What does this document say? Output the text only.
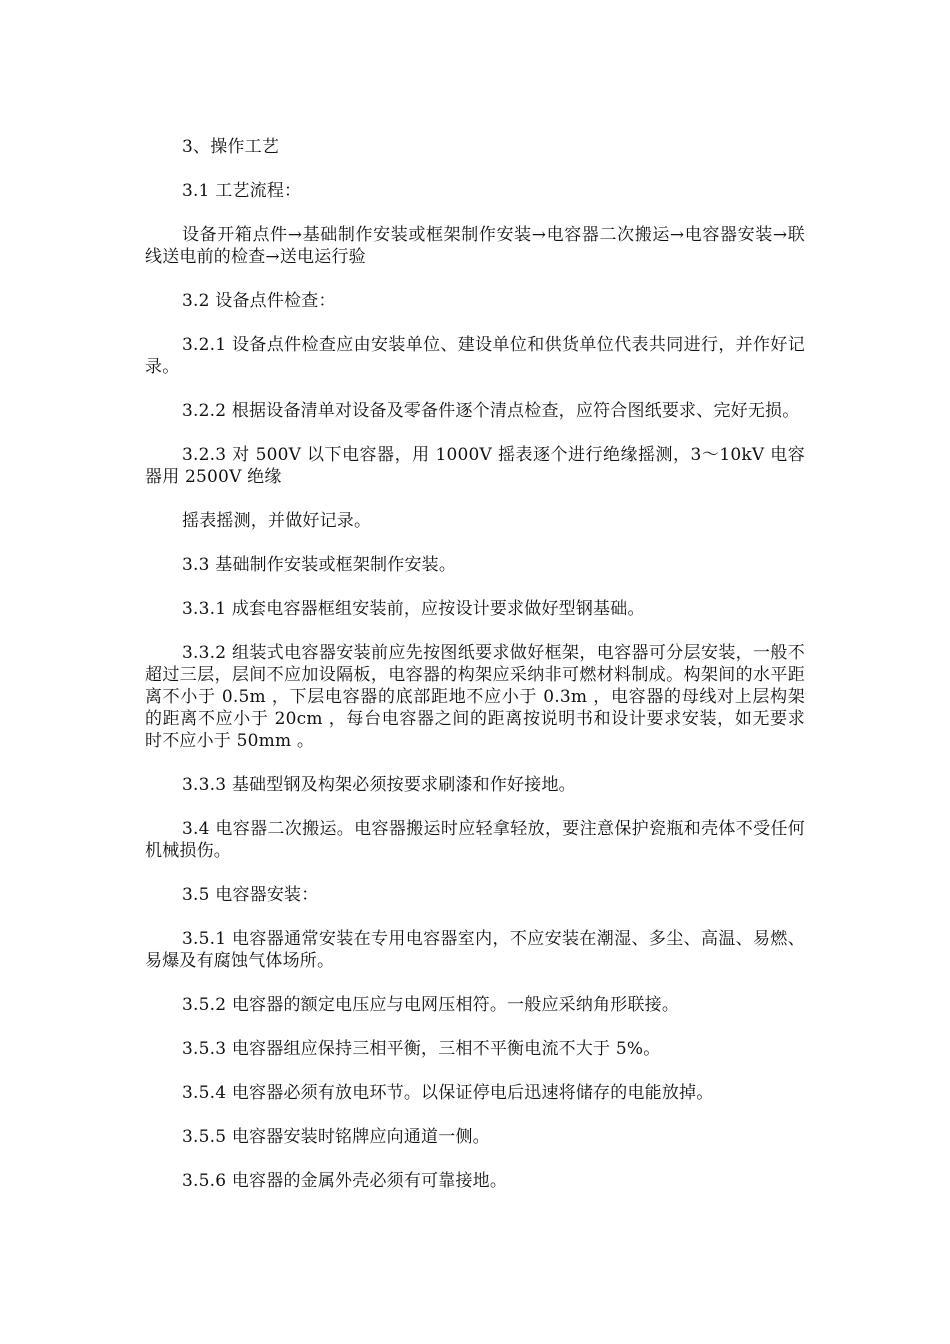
3、操作工艺

3.1 工艺流程：

设备开箱点件→基础制作安装或框架制作安装→电容器二次搬运→电容器安装→联线送电前的检查→送电运行验

3.2 设备点件检查：

3.2.1 设备点件检查应由安装单位、建设单位和供货单位代表共同进行，并作好记录。

3.2.2 根据设备清单对设备及零备件逐个清点检查，应符合图纸要求、完好无损。

3.2.3 对 500V 以下电容器，用 1000V 摇表逐个进行绝缘摇测，3～10kV 电容器用 2500V 绝缘

摇表摇测，并做好记录。

3.3 基础制作安装或框架制作安装。

3.3.1 成套电容器框组安装前，应按设计要求做好型钢基础。

3.3.2 组装式电容器安装前应先按图纸要求做好框架，电容器可分层安装，一般不超过三层，层间不应加设隔板，电容器的构架应采纳非可燃材料制成。构架间的水平距离不小于 0.5m ，下层电容器的底部距地不应小于 0.3m ，电容器的母线对上层构架的距离不应小于 20cm ，每台电容器之间的距离按说明书和设计要求安装，如无要求时不应小于 50mm 。

3.3.3 基础型钢及构架必须按要求刷漆和作好接地。

3.4 电容器二次搬运。电容器搬运时应轻拿轻放，要注意保护瓷瓶和壳体不受任何机械损伤。

3.5 电容器安装：

3.5.1 电容器通常安装在专用电容器室内，不应安装在潮湿、多尘、高温、易燃、易爆及有腐蚀气体场所。

3.5.2 电容器的额定电压应与电网压相符。一般应采纳角形联接。

3.5.3 电容器组应保持三相平衡，三相不平衡电流不大于 5%。

3.5.4 电容器必须有放电环节。以保证停电后迅速将储存的电能放掉。

3.5.5 电容器安装时铭牌应向通道一侧。

3.5.6 电容器的金属外壳必须有可靠接地。
